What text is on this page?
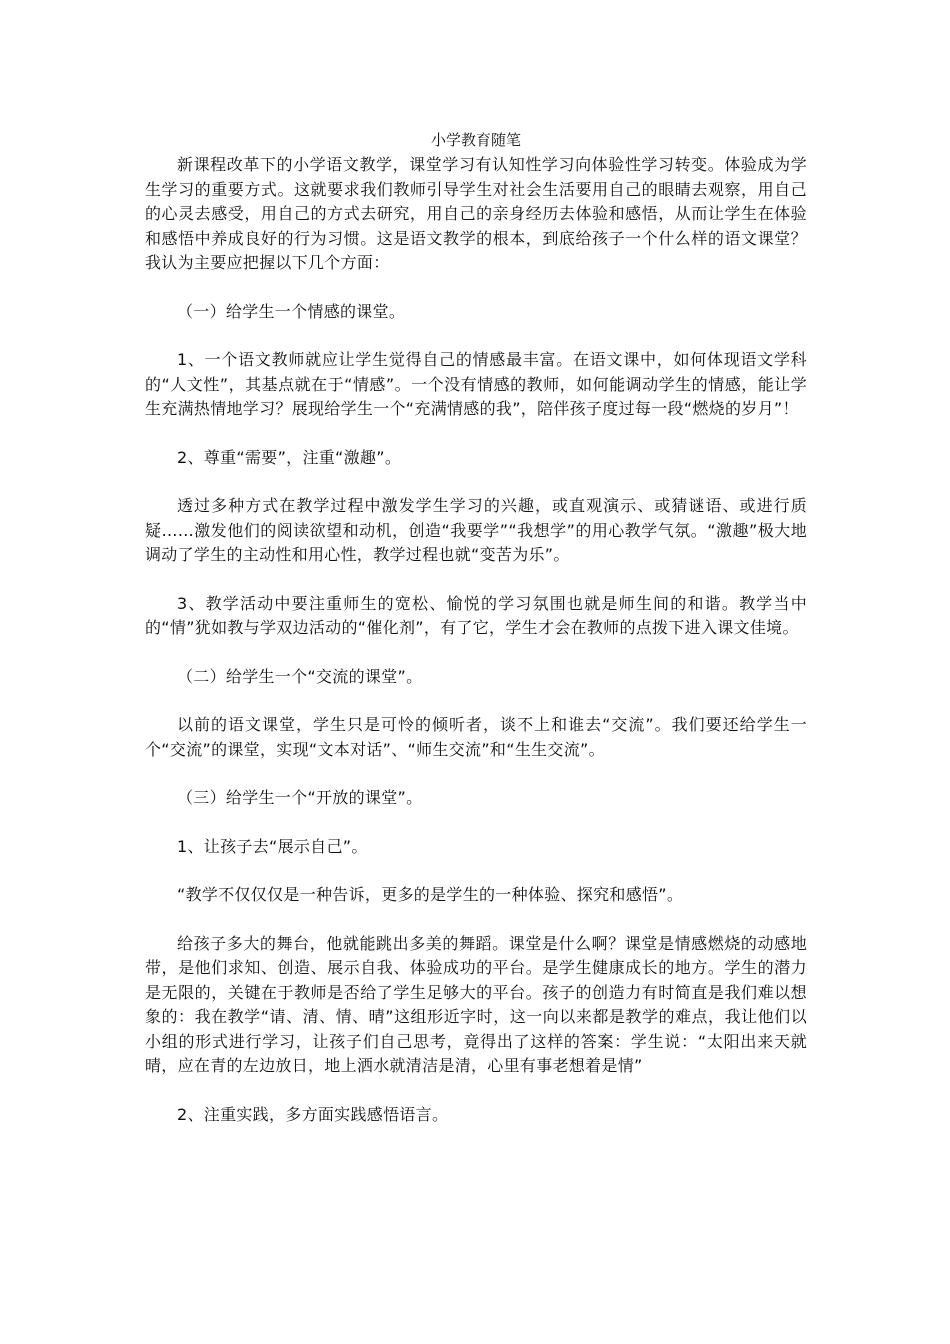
小学教育随笔

新课程改革下的小学语文教学，课堂学习有认知性学习向体验性学习转变。体验成为学生学习的重要方式。这就要求我们教师引导学生对社会生活要用自己的眼睛去观察，用自己的心灵去感受，用自己的方式去研究，用自己的亲身经历去体验和感悟，从而让学生在体验和感悟中养成良好的行为习惯。这是语文教学的根本，到底给孩子一个什么样的语文课堂？我认为主要应把握以下几个方面：

（一）给学生一个情感的课堂。

1、一个语文教师就应让学生觉得自己的情感最丰富。在语文课中，如何体现语文学科的“人文性”，其基点就在于“情感”。一个没有情感的教师，如何能调动学生的情感，能让学生充满热情地学习？展现给学生一个“充满情感的我”，陪伴孩子度过每一段“燃烧的岁月”！

2、尊重“需要”，注重“激趣”。

透过多种方式在教学过程中激发学生学习的兴趣，或直观演示、或猜谜语、或进行质疑……激发他们的阅读欲望和动机，创造“我要学”“我想学”的用心教学气氛。“激趣”极大地调动了学生的主动性和用心性，教学过程也就“变苦为乐”。

3、教学活动中要注重师生的宽松、愉悦的学习氛围也就是师生间的和谐。教学当中的“情”犹如教与学双边活动的“催化剂”，有了它，学生才会在教师的点拨下进入课文佳境。

（二）给学生一个“交流的课堂”。

以前的语文课堂，学生只是可怜的倾听者，谈不上和谁去“交流”。我们要还给学生一个“交流”的课堂，实现“文本对话”、“师生交流”和“生生交流”。

（三）给学生一个“开放的课堂”。

1、让孩子去“展示自己”。

“教学不仅仅仅是一种告诉，更多的是学生的一种体验、探究和感悟”。

给孩子多大的舞台，他就能跳出多美的舞蹈。课堂是什么啊？课堂是情感燃烧的动感地带，是他们求知、创造、展示自我、体验成功的平台。是学生健康成长的地方。学生的潜力是无限的，关键在于教师是否给了学生足够大的平台。孩子的创造力有时简直是我们难以想象的：我在教学“请、清、情、晴”这组形近字时，这一向以来都是教学的难点，我让他们以小组的形式进行学习，让孩子们自己思考，竟得出了这样的答案：学生说：“太阳出来天就晴，应在青的左边放日，地上洒水就清洁是清，心里有事老想着是情”

2、注重实践，多方面实践感悟语言。
